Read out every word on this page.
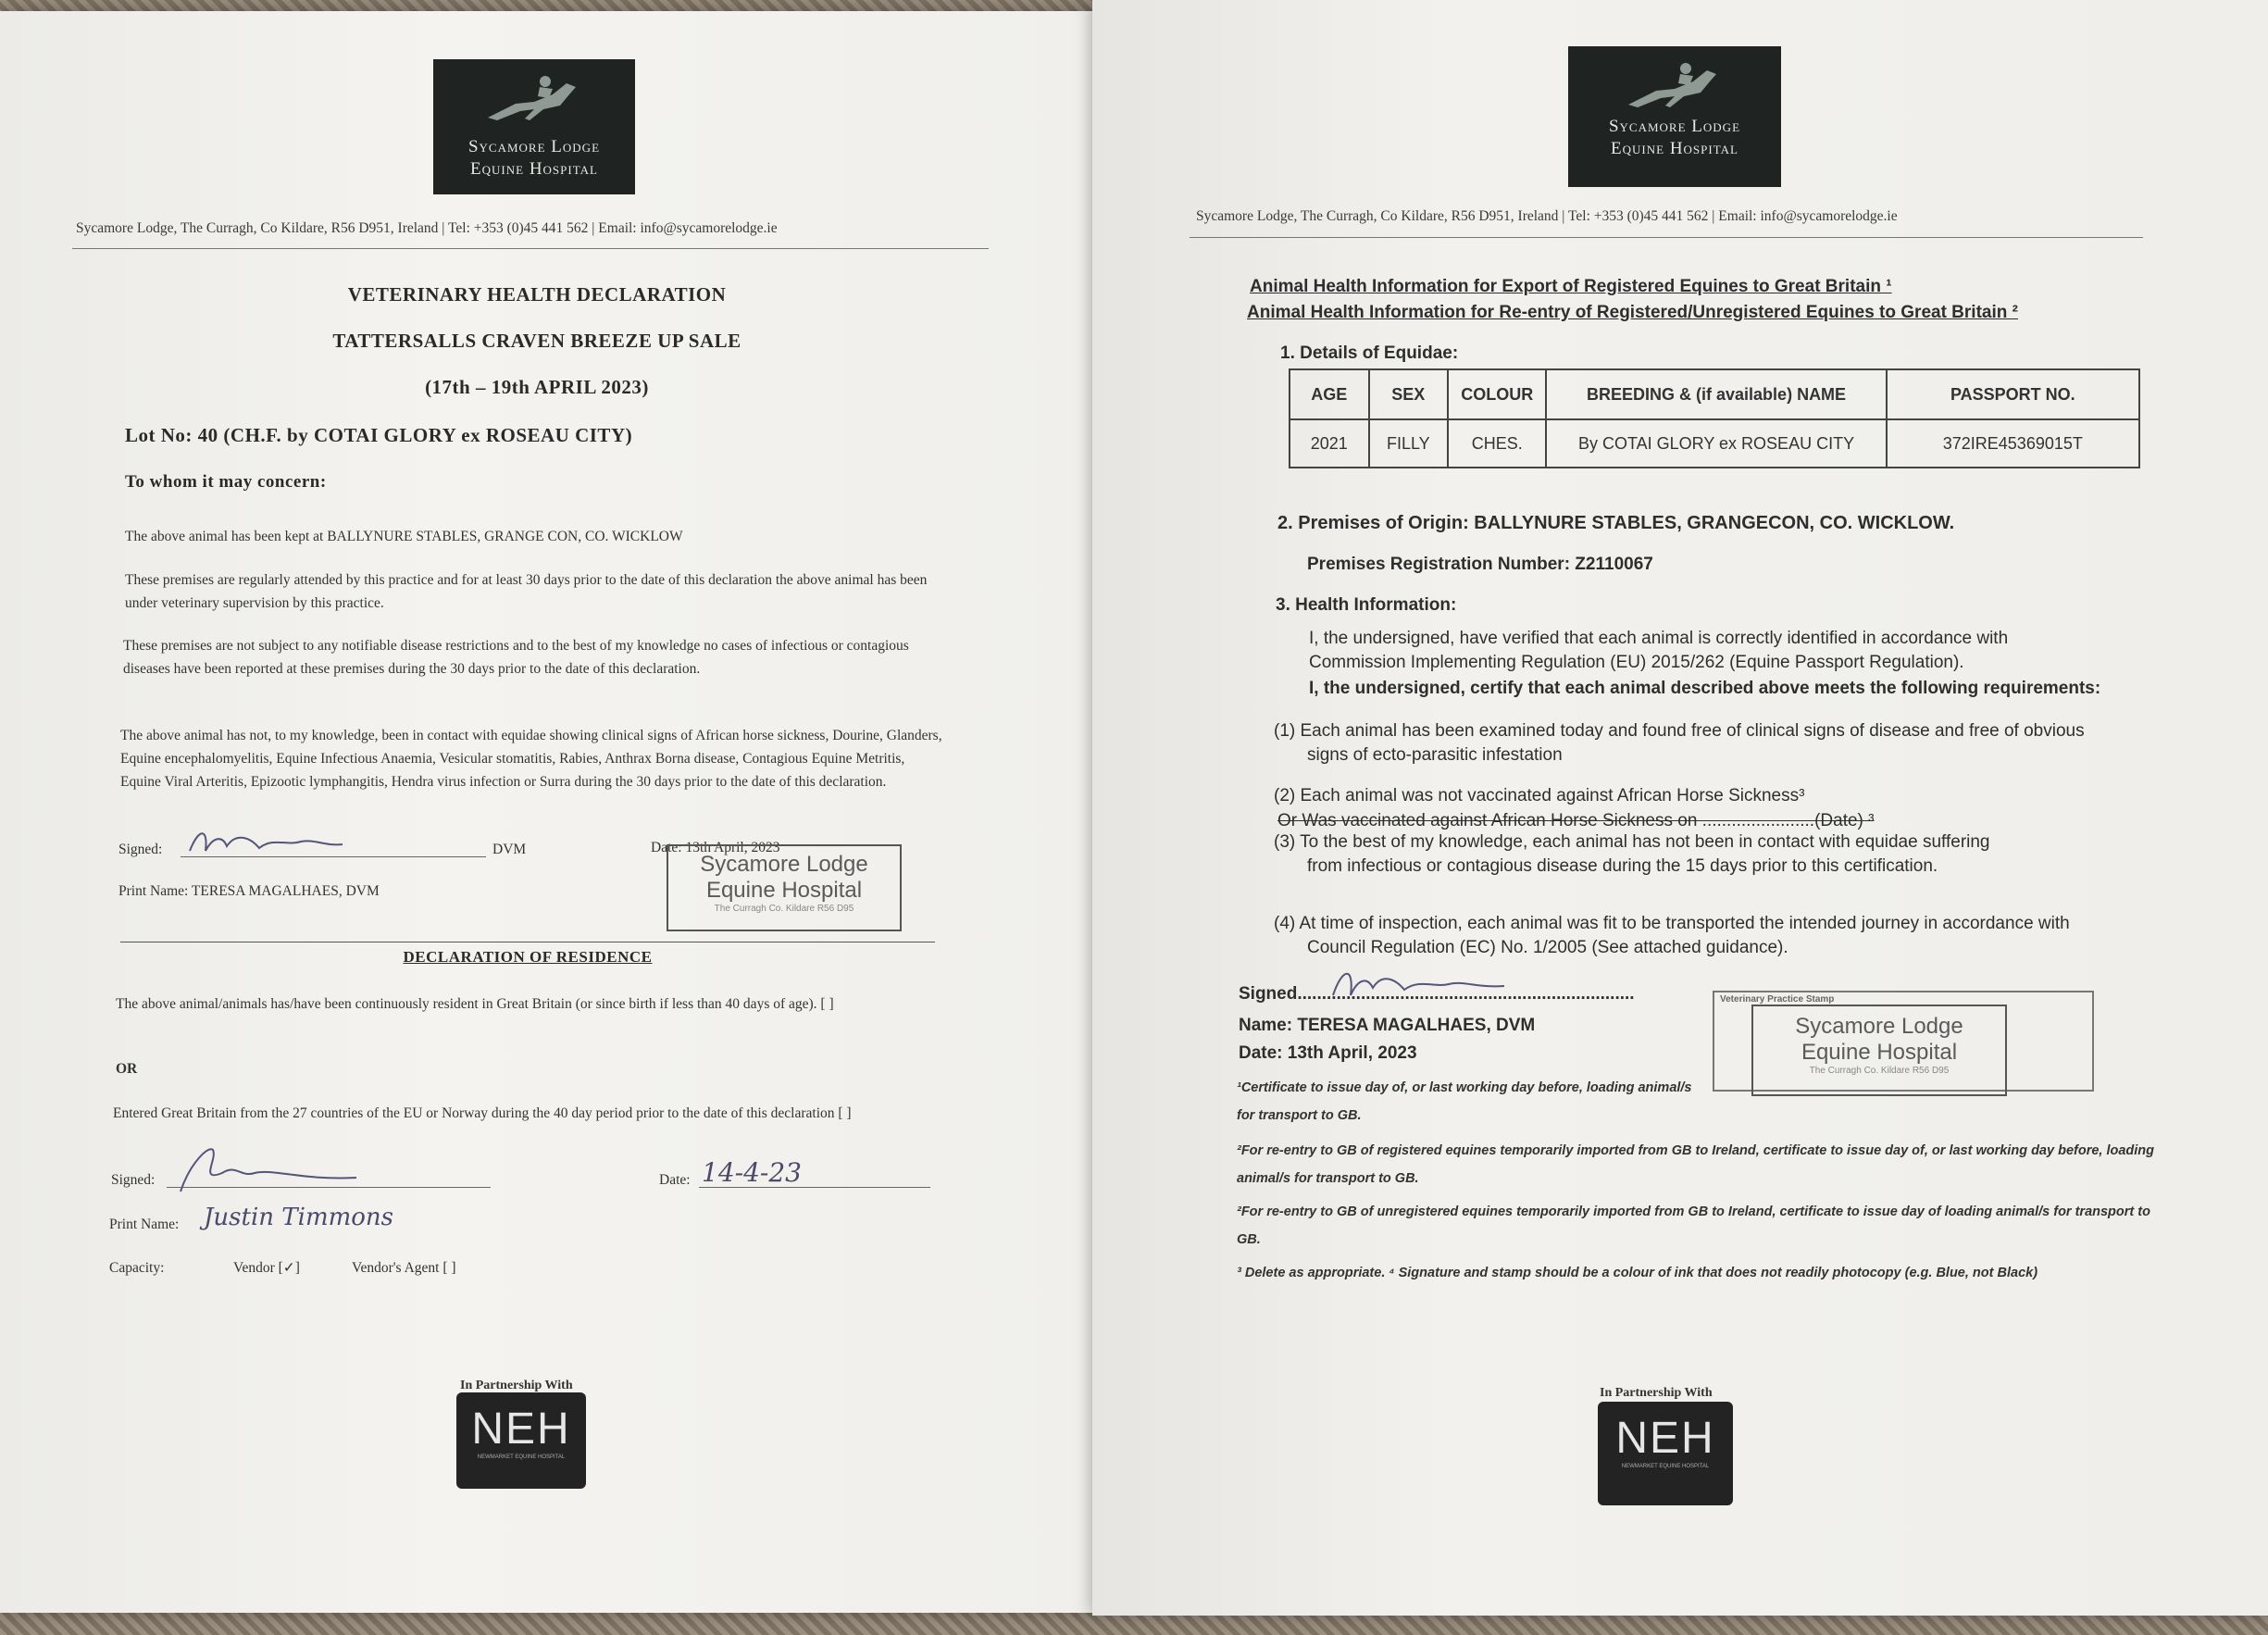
Sycamore Lodge
Equine Hospital
Sycamore Lodge, The Curragh, Co Kildare, R56 D951, Ireland | Tel: +353 (0)45 441 562 | Email: info@sycamorelodge.ie
VETERINARY HEALTH DECLARATION
TATTERSALLS CRAVEN BREEZE UP SALE
(17th – 19th APRIL 2023)
Lot No: 40 (CH.F. by COTAI GLORY ex ROSEAU CITY)
To whom it may concern:
The above animal has been kept at BALLYNURE STABLES, GRANGE CON, CO. WICKLOW
These premises are regularly attended by this practice and for at least 30 days prior to the date of this declaration the above animal has been under veterinary supervision by this practice.
These premises are not subject to any notifiable disease restrictions and to the best of my knowledge no cases of infectious or contagious diseases have been reported at these premises during the 30 days prior to the date of this declaration.
The above animal has not, to my knowledge, been in contact with equidae showing clinical signs of African horse sickness, Dourine, Glanders, Equine encephalomyelitis, Equine Infectious Anaemia, Vesicular stomatitis, Rabies, Anthrax Borna disease, Contagious Equine Metritis, Equine Viral Arteritis, Epizootic lymphangitis, Hendra virus infection or Surra during the 30 days prior to the date of this declaration.
Signed:	DVM	Date: 13th April, 2023
Print Name: TERESA MAGALHAES, DVM
Sycamore Lodge
Equine Hospital
The Curragh Co. Kildare R56 D95
DECLARATION OF RESIDENCE
The above animal/animals has/have been continuously resident in Great Britain (or since birth if less than 40 days of age). [ ]
OR
Entered Great Britain from the 27 countries of the EU or Norway during the 40 day period prior to the date of this declaration [ ]
Signed:	Date: 14-4-23
Print Name: Justin Timmons
Capacity:	Vendor [✓]	Vendor's Agent [ ]
In Partnership With
NEH
NEWMARKET EQUINE HOSPITAL
Sycamore Lodge
Equine Hospital
Sycamore Lodge, The Curragh, Co Kildare, R56 D951, Ireland | Tel: +353 (0)45 441 562 | Email: info@sycamorelodge.ie
Animal Health Information for Export of Registered Equines to Great Britain ¹
Animal Health Information for Re-entry of Registered/Unregistered Equines to Great Britain ²
1. Details of Equidae:
AGE	SEX	COLOUR	BREEDING & (if available) NAME	PASSPORT NO.
2021	FILLY	CHES.	By COTAI GLORY ex ROSEAU CITY	372IRE45369015T
2. Premises of Origin: BALLYNURE STABLES, GRANGECON, CO. WICKLOW.
Premises Registration Number: Z2110067
3. Health Information:
I, the undersigned, have verified that each animal is correctly identified in accordance with
Commission Implementing Regulation (EU) 2015/262 (Equine Passport Regulation).
I, the undersigned, certify that each animal described above meets the following requirements:
(1) Each animal has been examined today and found free of clinical signs of disease and free of obvious
signs of ecto-parasitic infestation
(2) Each animal was not vaccinated against African Horse Sickness³
Or Was vaccinated against African Horse Sickness on .......................(Date) ³
(3) To the best of my knowledge, each animal has not been in contact with equidae suffering
from infectious or contagious disease during the 15 days prior to this certification.
(4) At time of inspection, each animal was fit to be transported the intended journey in accordance with
Council Regulation (EC) No. 1/2005 (See attached guidance).
Signed.....................................................................
Name: TERESA MAGALHAES, DVM
Date: 13th April, 2023
Veterinary Practice Stamp
Sycamore Lodge
Equine Hospital
The Curragh Co. Kildare R56 D95
¹Certificate to issue day of, or last working day before, loading animal/s for transport to GB.
²For re-entry to GB of registered equines temporarily imported from GB to Ireland, certificate to issue day of, or last working day before, loading animal/s for transport to GB.
²For re-entry to GB of unregistered equines temporarily imported from GB to Ireland, certificate to issue day of loading animal/s for transport to GB.
³ Delete as appropriate. ⁴ Signature and stamp should be a colour of ink that does not readily photocopy (e.g. Blue, not Black)
In Partnership With
NEH
NEWMARKET EQUINE HOSPITAL
